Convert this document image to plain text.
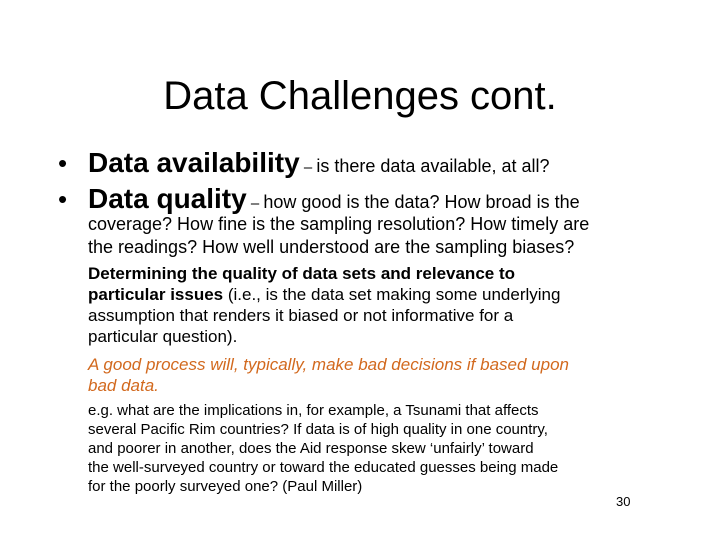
Data Challenges cont.
• Data availability – is there data available, at all?
• Data quality – how good is the data? How broad is the
coverage? How fine is the sampling resolution? How timely are
the readings? How well understood are the sampling biases?
Determining the quality of data sets and relevance to
particular issues (i.e., is the data set making some underlying
assumption that renders it biased or not informative for a
particular question).
A good process will, typically, make bad decisions if based upon
bad data.
e.g. what are the implications in, for example, a Tsunami that affects
several Pacific Rim countries? If data is of high quality in one country,
and poorer in another, does the Aid response skew ‘unfairly’ toward
the well-surveyed country or toward the educated guesses being made
for the poorly surveyed one? (Paul Miller)
30
